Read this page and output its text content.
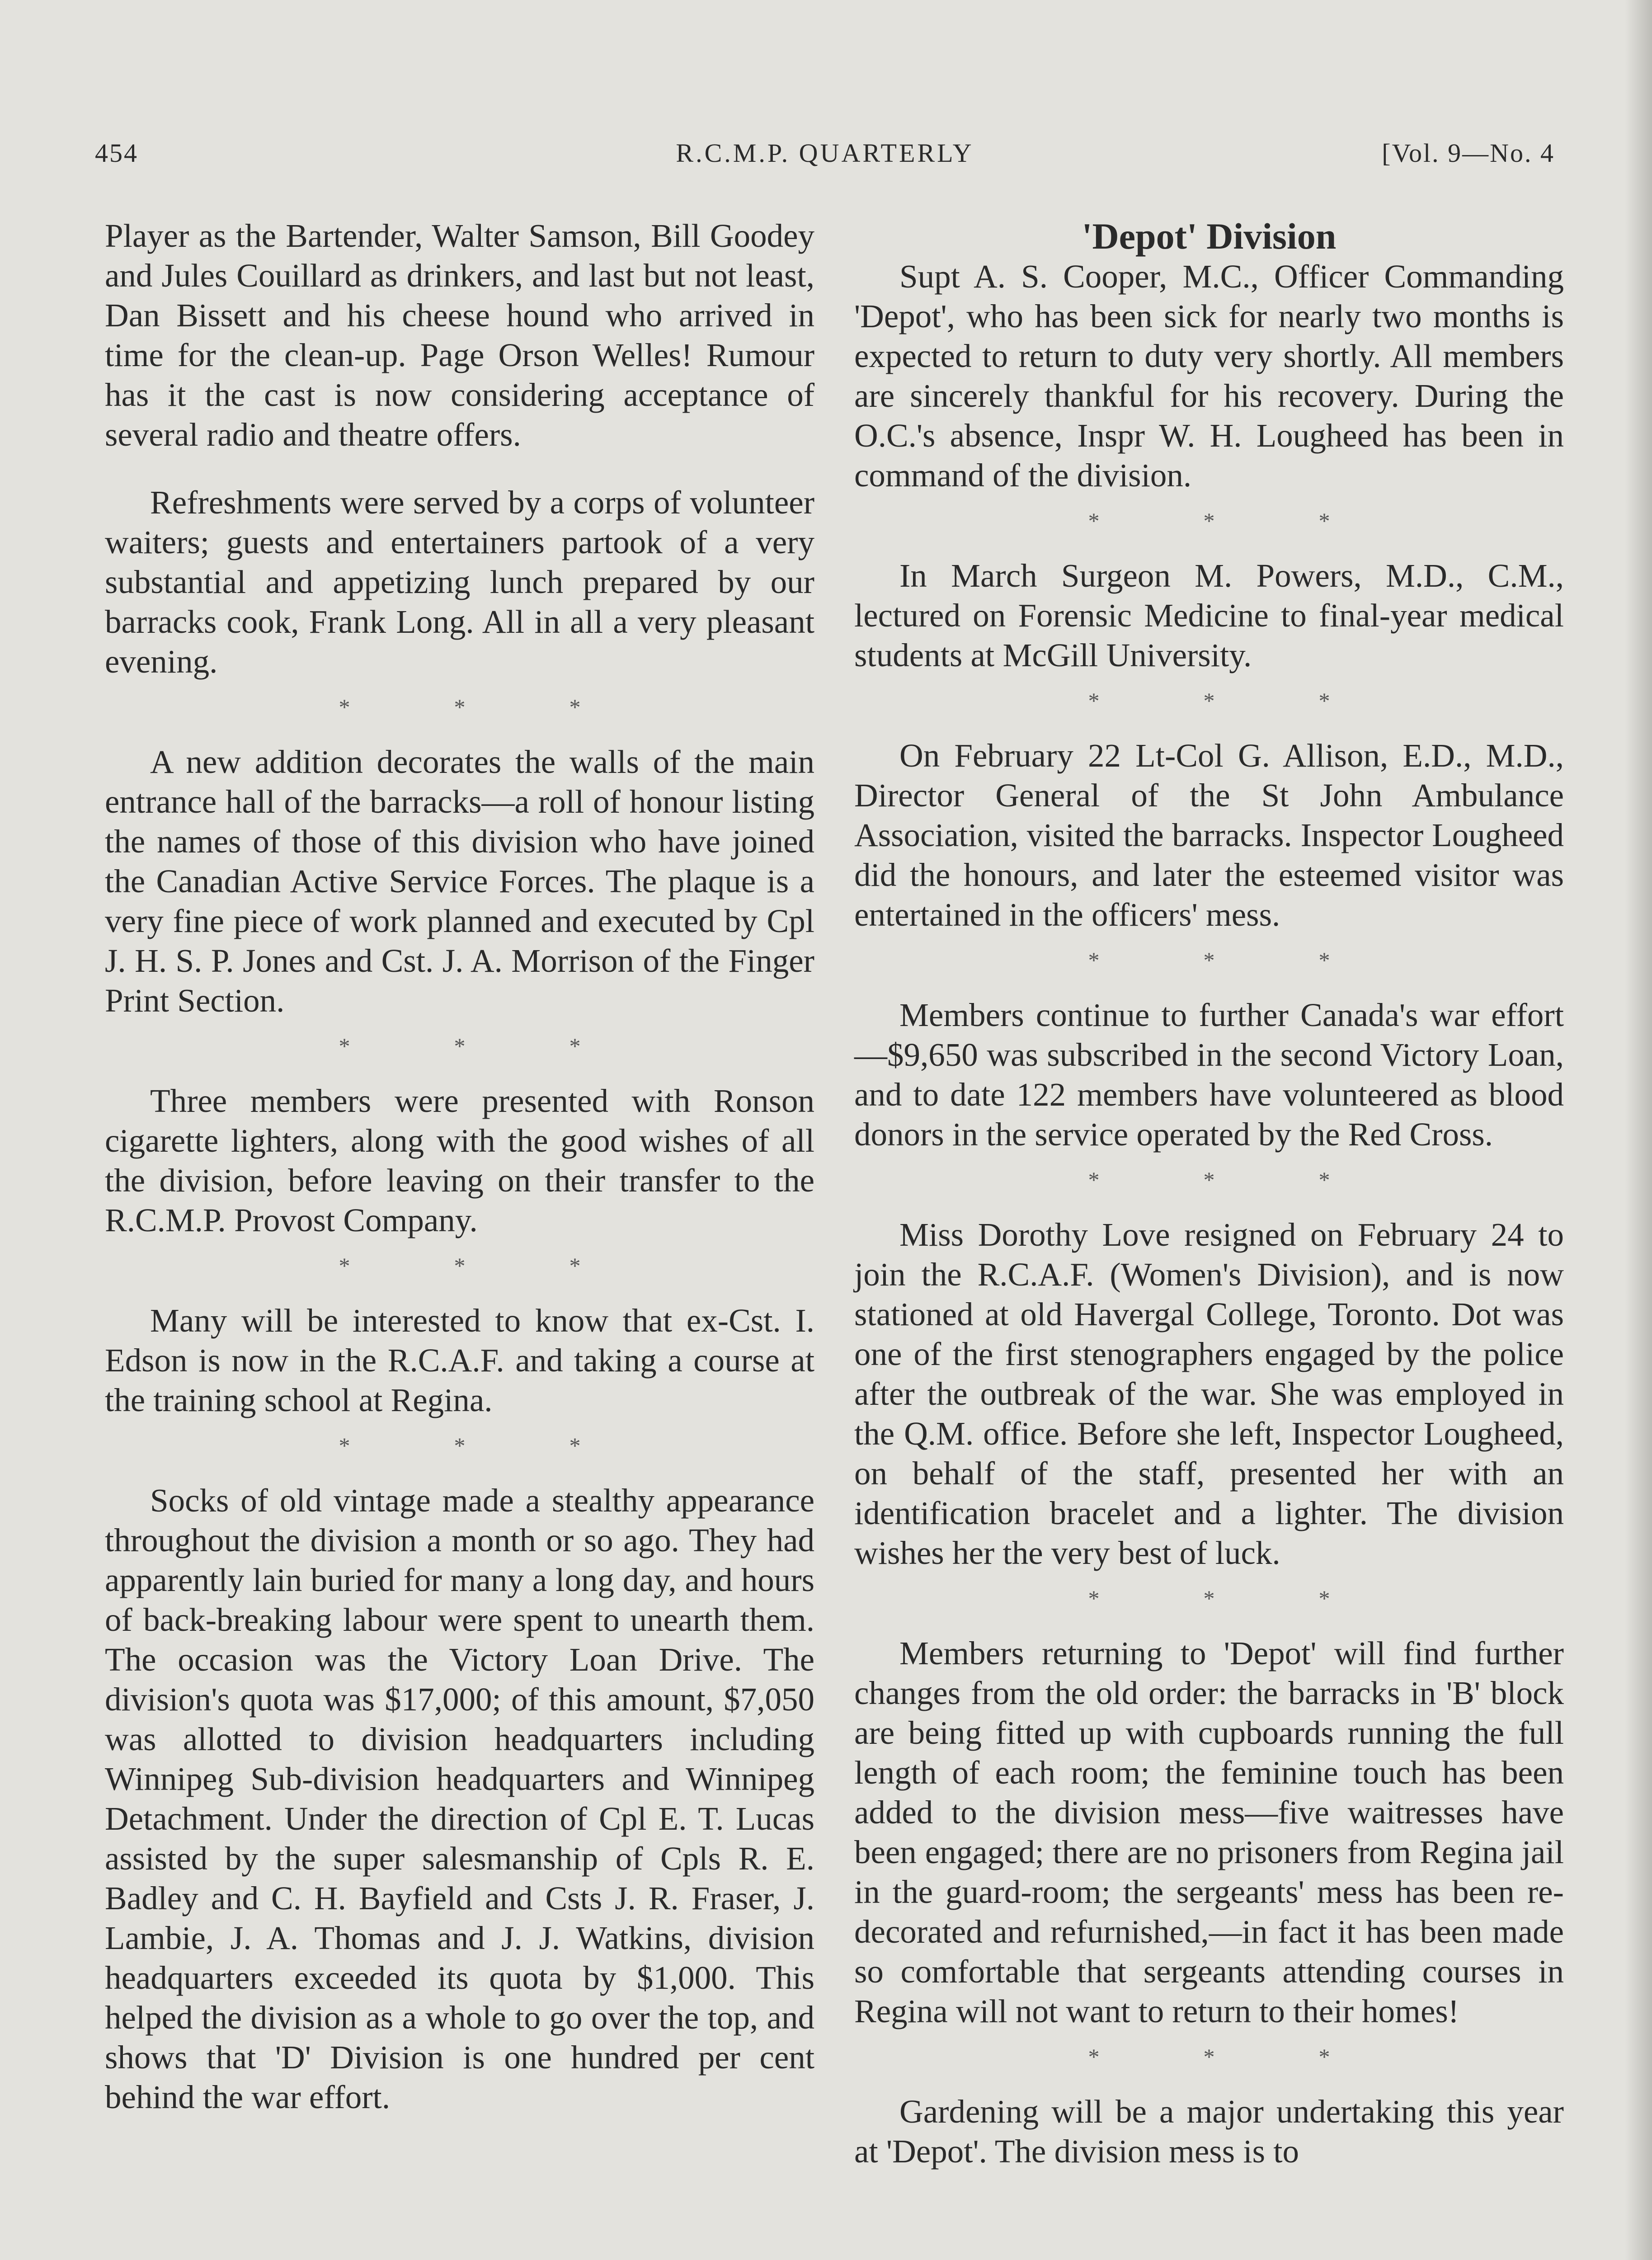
454	R.C.M.P. QUARTERLY	[Vol. 9—No. 4

Player as the Bartender, Walter Samson, Bill Goodey and Jules Couillard as drinkers, and last but not least, Dan Bissett and his cheese hound who arrived in time for the clean-up. Page Orson Welles! Rumour has it the cast is now considering acceptance of several radio and theatre offers.

Refreshments were served by a corps of volunteer waiters; guests and entertainers partook of a very substantial and appetizing lunch prepared by our barracks cook, Frank Long. All in all a very pleasant evening.

*	*	*

A new addition decorates the walls of the main entrance hall of the barracks—a roll of honour listing the names of those of this division who have joined the Canadian Active Service Forces. The plaque is a very fine piece of work planned and executed by Cpl J. H. S. P. Jones and Cst. J. A. Morrison of the Finger Print Section.

*	*	*

Three members were presented with Ronson cigarette lighters, along with the good wishes of all the division, before leaving on their transfer to the R.C.M.P. Provost Company.

*	*	*

Many will be interested to know that ex-Cst. I. Edson is now in the R.C.A.F. and taking a course at the training school at Regina.

*	*	*

Socks of old vintage made a stealthy appearance throughout the division a month or so ago. They had apparently lain buried for many a long day, and hours of back-breaking labour were spent to unearth them. The occasion was the Victory Loan Drive. The division's quota was $17,000; of this amount, $7,050 was allotted to division headquarters including Winnipeg Sub-division headquarters and Winnipeg Detachment. Under the direction of Cpl E. T. Lucas assisted by the super salesmanship of Cpls R. E. Badley and C. H. Bayfield and Csts J. R. Fraser, J. Lambie, J. A. Thomas and J. J. Watkins, division headquarters exceeded its quota by $1,000. This helped the division as a whole to go over the top, and shows that 'D' Division is one hundred per cent behind the war effort.

'Depot' Division

Supt A. S. Cooper, M.C., Officer Commanding 'Depot', who has been sick for nearly two months is expected to return to duty very shortly. All members are sincerely thankful for his recovery. During the O.C.'s absence, Inspr W. H. Lougheed has been in command of the division.

*	*	*

In March Surgeon M. Powers, M.D., C.M., lectured on Forensic Medicine to final-year medical students at McGill University.

*	*	*

On February 22 Lt-Col G. Allison, E.D., M.D., Director General of the St John Ambulance Association, visited the barracks. Inspector Lougheed did the honours, and later the esteemed visitor was entertained in the officers' mess.

*	*	*

Members continue to further Canada's war effort—$9,650 was subscribed in the second Victory Loan, and to date 122 members have volunteered as blood donors in the service operated by the Red Cross.

*	*	*

Miss Dorothy Love resigned on February 24 to join the R.C.A.F. (Women's Division), and is now stationed at old Havergal College, Toronto. Dot was one of the first stenographers engaged by the police after the outbreak of the war. She was employed in the Q.M. office. Before she left, Inspector Lougheed, on behalf of the staff, presented her with an identification bracelet and a lighter. The division wishes her the very best of luck.

*	*	*

Members returning to 'Depot' will find further changes from the old order: the barracks in 'B' block are being fitted up with cupboards running the full length of each room; the feminine touch has been added to the division mess—five waitresses have been engaged; there are no prisoners from Regina jail in the guard-room; the sergeants' mess has been re-decorated and refurnished,—in fact it has been made so comfortable that sergeants attending courses in Regina will not want to return to their homes!

*	*	*

Gardening will be a major undertaking this year at 'Depot'. The division mess is to
